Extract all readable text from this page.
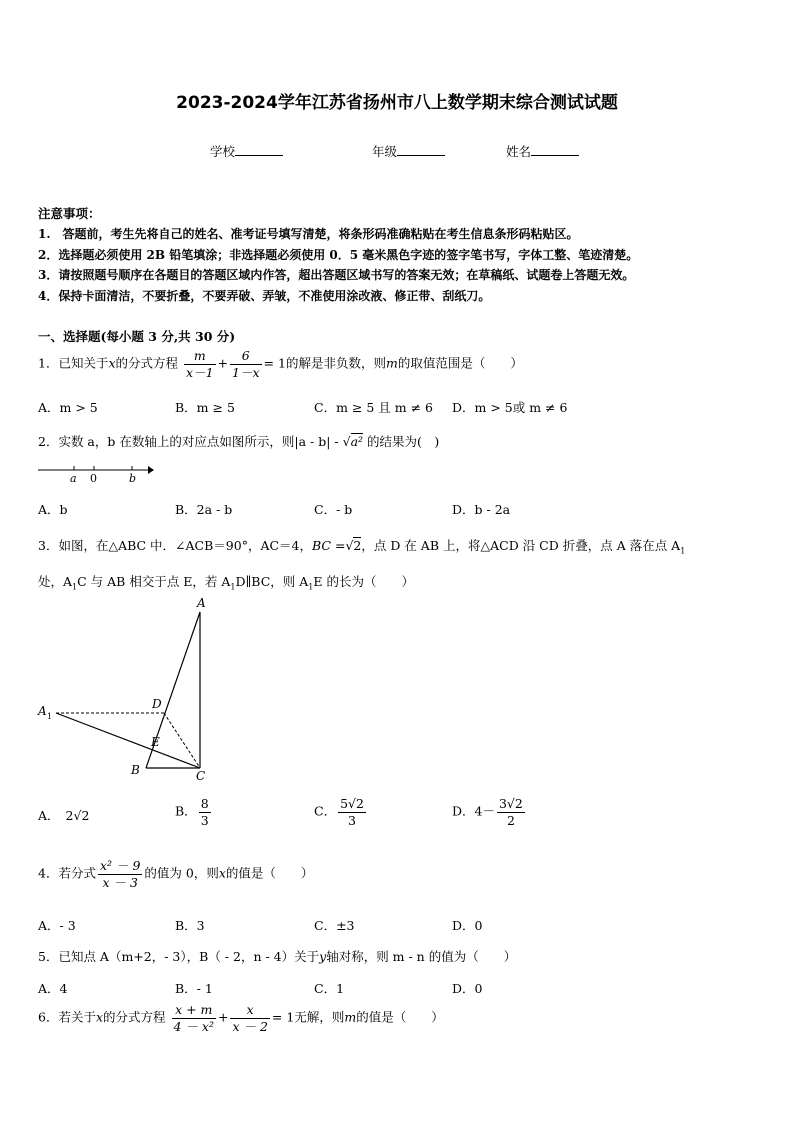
2023-2024学年江苏省扬州市八上数学期末综合测试试题
学校	年级	姓名
注意事项：
1.　答题前，考生先将自己的姓名、准考证号填写清楚，将条形码准确粘贴在考生信息条形码粘贴区。
2．选择题必须使用 2B 铅笔填涂；非选择题必须使用 0．5 毫米黑色字迹的签字笔书写，字体工整、笔迹清楚。
3．请按照题号顺序在各题目的答题区域内作答，超出答题区域书写的答案无效；在草稿纸、试题卷上答题无效。
4．保持卡面清洁，不要折叠，不要弄破、弄皱，不准使用涂改液、修正带、刮纸刀。
一、选择题(每小题 3 分,共 30 分)
1．已知关于x的分式方程 $\frac{m}{x-1} + \frac{6}{1-x} = 1$的解是非负数，则m的取值范围是（　　）
A．m > 5	B．m ≥ 5	C．m ≥ 5 且 m ≠ 6 D．m > 5或 m ≠ 6
2．实数 a，b 在数轴上的对应点如图所示，则|a - b| - √a² 的结果为(　)
a 0	b
A．b	B．2a - b	C．- b	D．b - 2a
3．如图，在△ABC 中．∠ACB＝90°，AC＝4，BC =√2，点 D 在 AB 上，将△ACD 沿 CD 折叠，点 A 落在点 $A_1$
处，$A_1C$ 与 AB 相交于点 E，若 $A_1D\parallel BC$，则 $A_1E$ 的长为（　　）
A
A 1
D
E
B	C
A． 2√2	B． $\frac{8}{3}$	C． $\frac{5√2}{3}$	D．$4- \frac{3√2}{2}$
4．若分式 $\frac{\text{x² － 9}}{x - 3}$ 的值为 0，则x的值是（　　）
A．- 3	B．3	C．±3	D．0
5．已知点 A（m+2，- 3），B（ - 2，n - 4）关于y轴对称，则 m - n 的值为（　　）
A．4	B．- 1	C．1	D．0
6．若关于x的分式方程 $\frac{x + m}{\text{4 － x²}} + \frac{x}{x - 2} = 1$无解，则m的值是（　　）
